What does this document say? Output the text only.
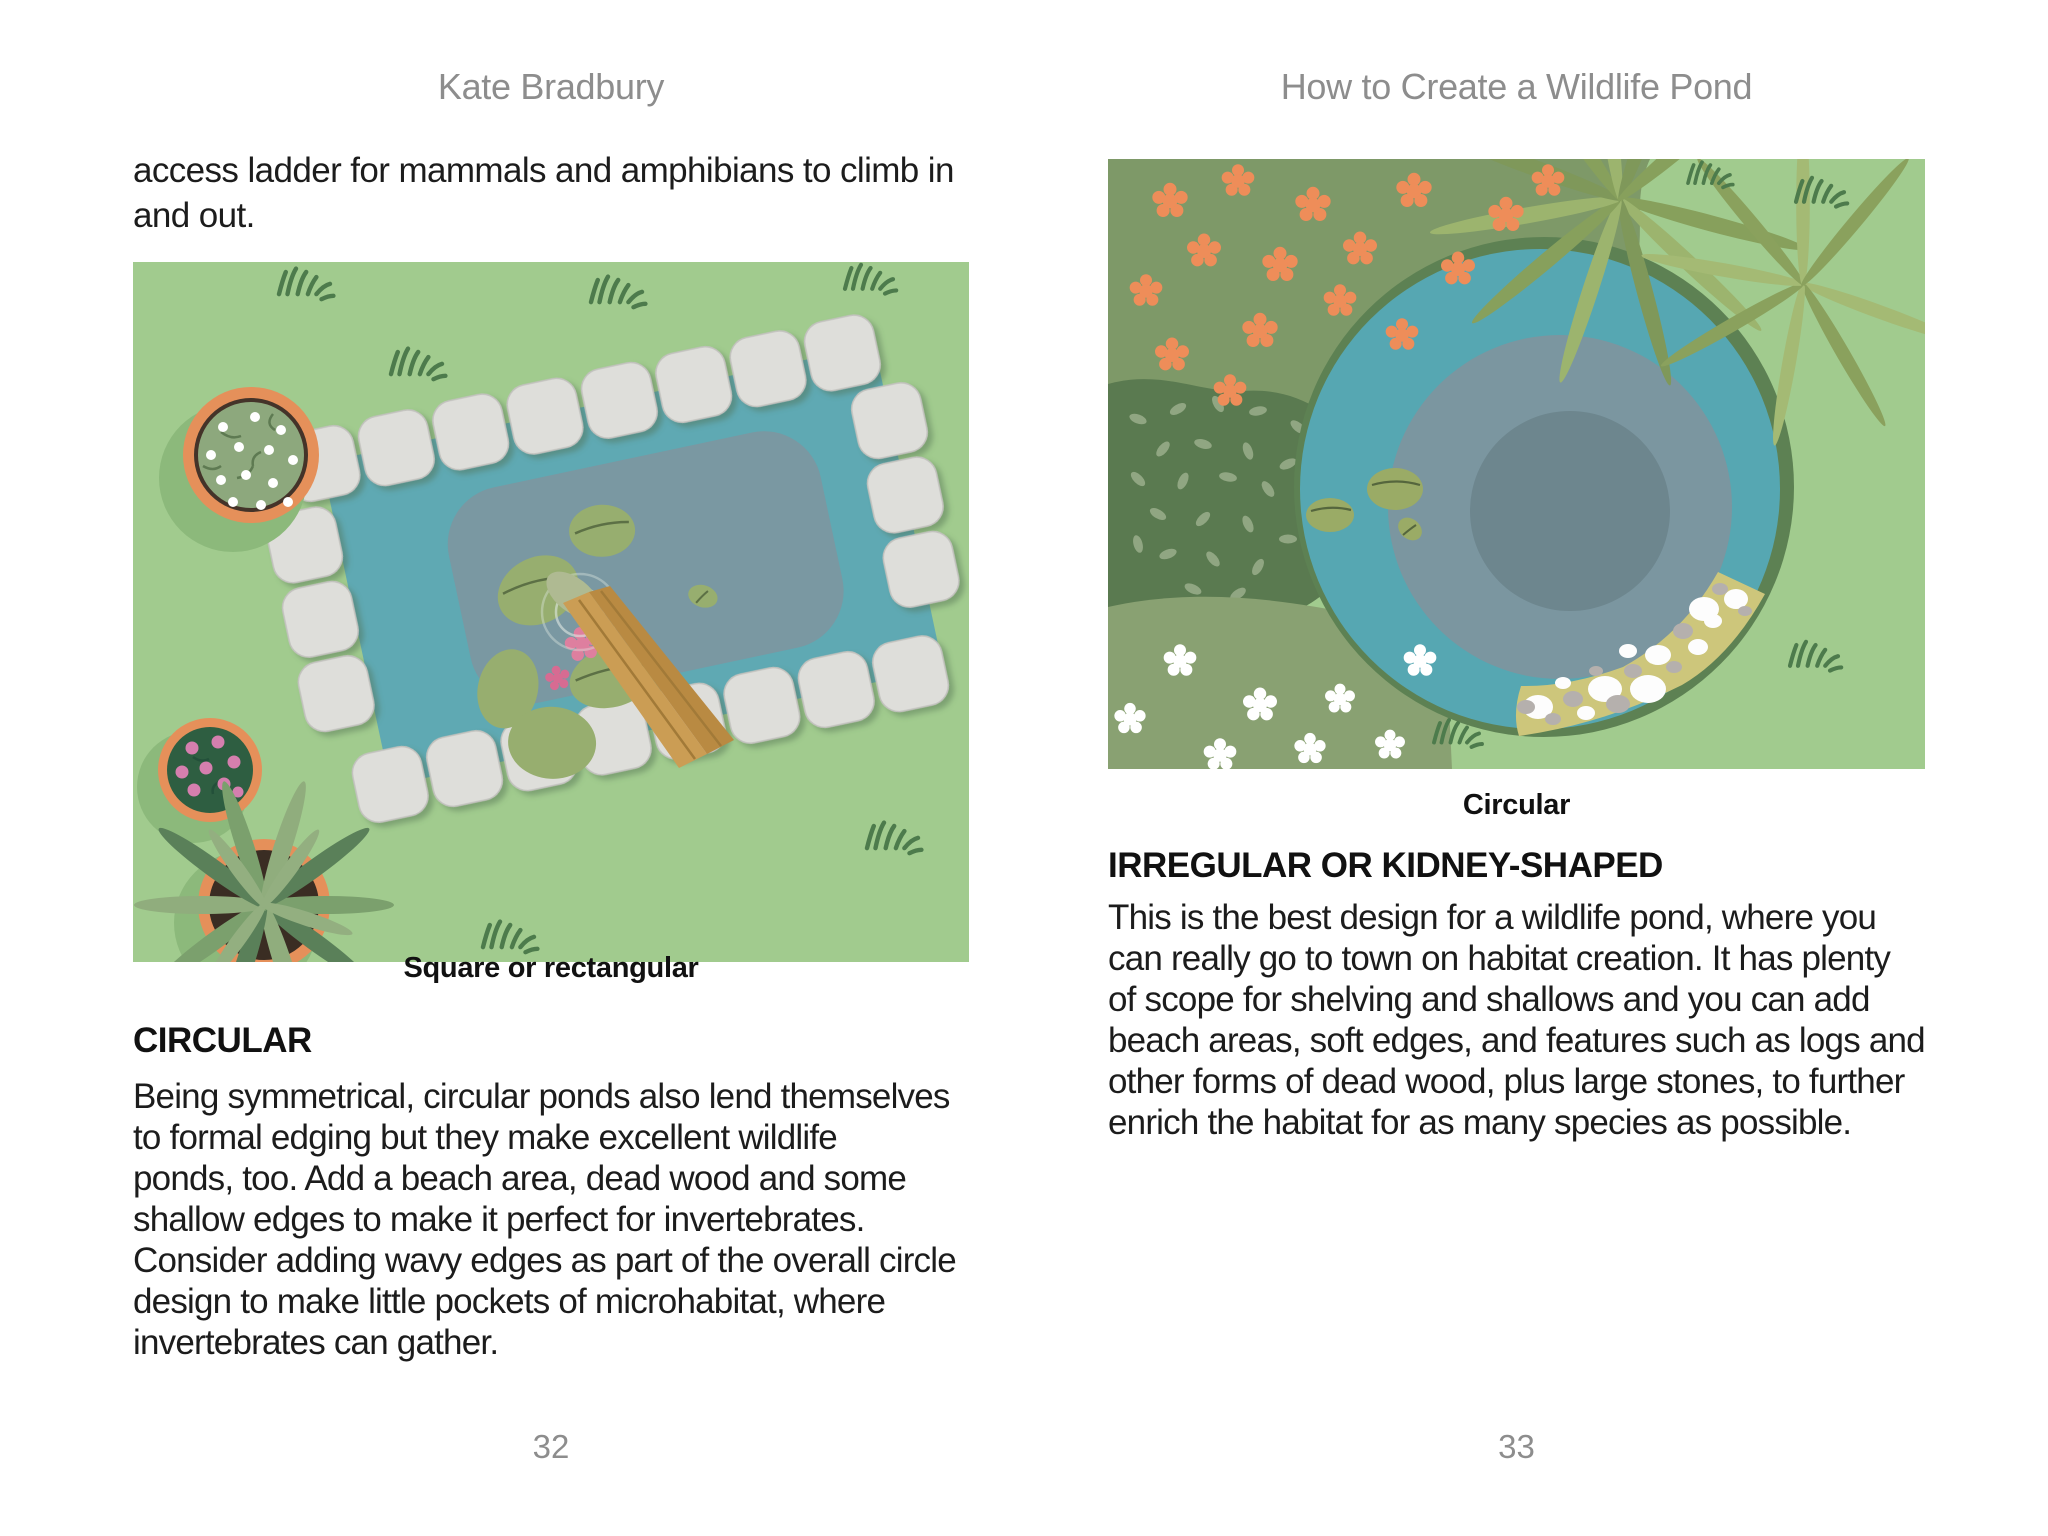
Kate Bradbury
access ladder for mammals and amphibians to climb in
and out.
Square or rectangular
CIRCULAR
Being symmetrical, circular ponds also lend themselves
to formal edging but they make excellent wildlife
ponds, too. Add a beach area, dead wood and some
shallow edges to make it perfect for invertebrates.
Consider adding wavy edges as part of the overall circle
design to make little pockets of microhabitat, where
invertebrates can gather.
32
How to Create a Wildlife Pond
Circular
IRREGULAR OR KIDNEY-SHAPED
This is the best design for a wildlife pond, where you
can really go to town on habitat creation. It has plenty
of scope for shelving and shallows and you can add
beach areas, soft edges, and features such as logs and
other forms of dead wood, plus large stones, to further
enrich the habitat for as many species as possible.
33
